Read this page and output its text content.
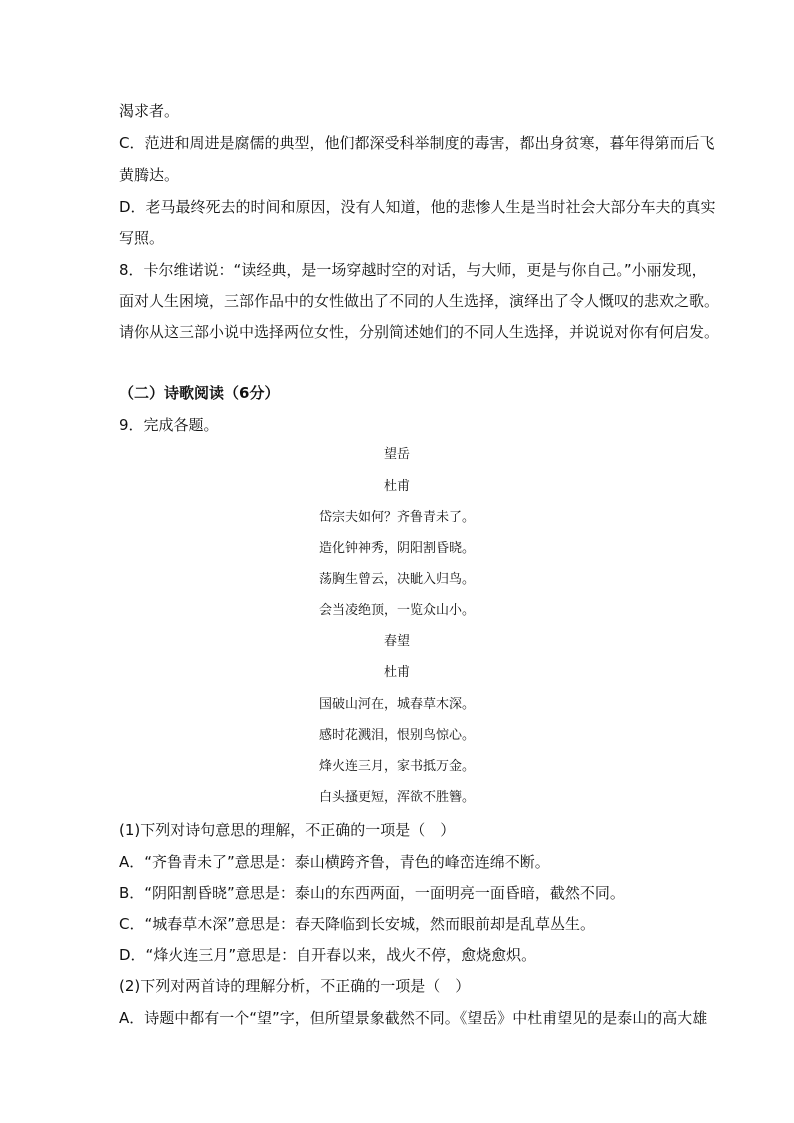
渴求者。
C．范进和周进是腐儒的典型，他们都深受科举制度的毒害，都出身贫寒，暮年得第而后飞
黄腾达。
D．老马最终死去的时间和原因，没有人知道，他的悲惨人生是当时社会大部分车夫的真实
写照。
8．卡尔维诺说：“读经典，是一场穿越时空的对话，与大师，更是与你自己。”小丽发现，
面对人生困境，三部作品中的女性做出了不同的人生选择，演绎出了令人慨叹的悲欢之歌。
请你从这三部小说中选择两位女性，分别简述她们的不同人生选择，并说说对你有何启发。
（二）诗歌阅读（6分）
9．完成各题。
望岳
杜甫
岱宗夫如何？齐鲁青未了。
造化钟神秀，阴阳割昏晓。
荡胸生曾云，决眦入归鸟。
会当凌绝顶，一览众山小。
春望
杜甫
国破山河在，城春草木深。
感时花溅泪，恨别鸟惊心。
烽火连三月，家书抵万金。
白头搔更短，浑欲不胜簪。
(1)下列对诗句意思的理解，不正确的一项是（　）
A．“齐鲁青未了”意思是：泰山横跨齐鲁，青色的峰峦连绵不断。
B．“阴阳割昏晓”意思是：泰山的东西两面，一面明亮一面昏暗，截然不同。
C．“城春草木深”意思是：春天降临到长安城，然而眼前却是乱草丛生。
D．“烽火连三月”意思是：自开春以来，战火不停，愈烧愈炽。
(2)下列对两首诗的理解分析，不正确的一项是（　）
A．诗题中都有一个“望”字，但所望景象截然不同。《望岳》中杜甫望见的是泰山的高大雄
